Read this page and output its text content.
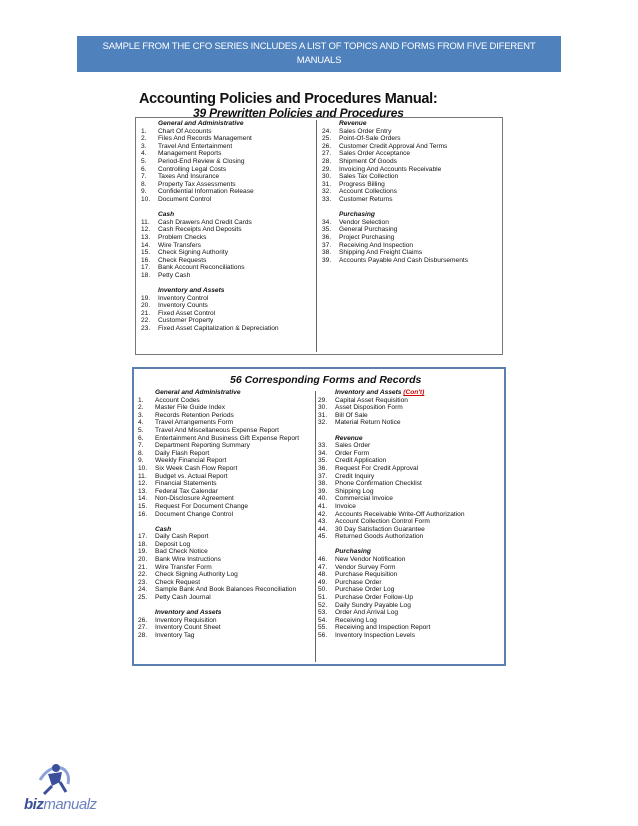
SAMPLE FROM THE CFO SERIES INCLUDES A LIST OF TOPICS AND FORMS FROM FIVE DIFERENT
MANUALS
Accounting Policies and Procedures Manual:
39 Prewritten Policies and Procedures
General and Administrative
1.	Chart Of Accounts
2.	Files And Records Management
3.	Travel And Entertainment
4.	Management Reports
5.	Period-End Review & Closing
6.	Controlling Legal Costs
7.	Taxes And Insurance
8.	Property Tax Assessments
9.	Confidential Information Release
10.	Document Control
Cash
11.	Cash Drawers And Credit Cards
12.	Cash Receipts And Deposits
13.	Problem Checks
14.	Wire Transfers
15.	Check Signing Authority
16.	Check Requests
17.	Bank Account Reconciliations
18.	Petty Cash
Inventory and Assets
19.	Inventory Control
20.	Inventory Counts
21.	Fixed Asset Control
22.	Customer Property
23.	Fixed Asset Capitalization & Depreciation
Revenue
24.	Sales Order Entry
25.	Point-Of-Sale Orders
26.	Customer Credit Approval And Terms
27.	Sales Order Acceptance
28.	Shipment Of Goods
29.	Invoicing And Accounts Receivable
30.	Sales Tax Collection
31.	Progress Billing
32.	Account Collections
33.	Customer Returns
Purchasing
34.	Vendor Selection
35.	General Purchasing
36.	Project Purchasing
37.	Receiving And Inspection
38.	Shipping And Freight Claims
39.	Accounts Payable And Cash Disbursements
General and Administrative
1.	Account Codes
2.	Master File Guide Index
3.	Records Retention Periods
4.	Travel Arrangements Form
5.	Travel And Miscellaneous Expense Report
6.	Entertainment And Business Gift Expense Report
7.	Department Reporting Summary
8.	Daily Flash Report
9.	Weekly Financial Report
10.	Six Week Cash Flow Report
11.	Budget vs. Actual Report
12.	Financial Statements
13.	Federal Tax Calendar
14.	Non-Disclosure Agreement
15.	Request For Document Change
16.	Document Change Control
Cash
17.	Daily Cash Report
18.	Deposit Log
19.	Bad Check Notice
20.	Bank Wire Instructions
21.	Wire Transfer Form
22.	Check Signing Authority Log
23.	Check Request
24.	Sample Bank And Book Balances Reconciliation
25.	Petty Cash Journal
Inventory and Assets
26.	Inventory Requisition
27.	Inventory Count Sheet
28.	Inventory Tag
Inventory and Assets (Con't)
29.	Capital Asset Requisition
30.	Asset Disposition Form
31.	Bill Of Sale
32.	Material Return Notice
Revenue
33.	Sales Order
34.	Order Form
35.	Credit Application
36.	Request For Credit Approval
37.	Credit Inquiry
38.	Phone Confirmation Checklist
39.	Shipping Log
40.	Commercial Invoice
41.	Invoice
42.	Accounts Receivable Write-Off Authorization
43.	Account Collection Control Form
44.	30 Day Satisfaction Guarantee
45.	Returned Goods Authorization
Purchasing
46.	New Vendor Notification
47.	Vendor Survey Form
48.	Purchase Requisition
49.	Purchase Order
50.	Purchase Order Log
51.	Purchase Order Follow-Up
52.	Daily Sundry Payable Log
53.	Order And Arrival Log
54.	Receiving Log
55.	Receiving and Inspection Report
56.	Inventory Inspection Levels
56 Corresponding Forms and Records
bizmanualz
